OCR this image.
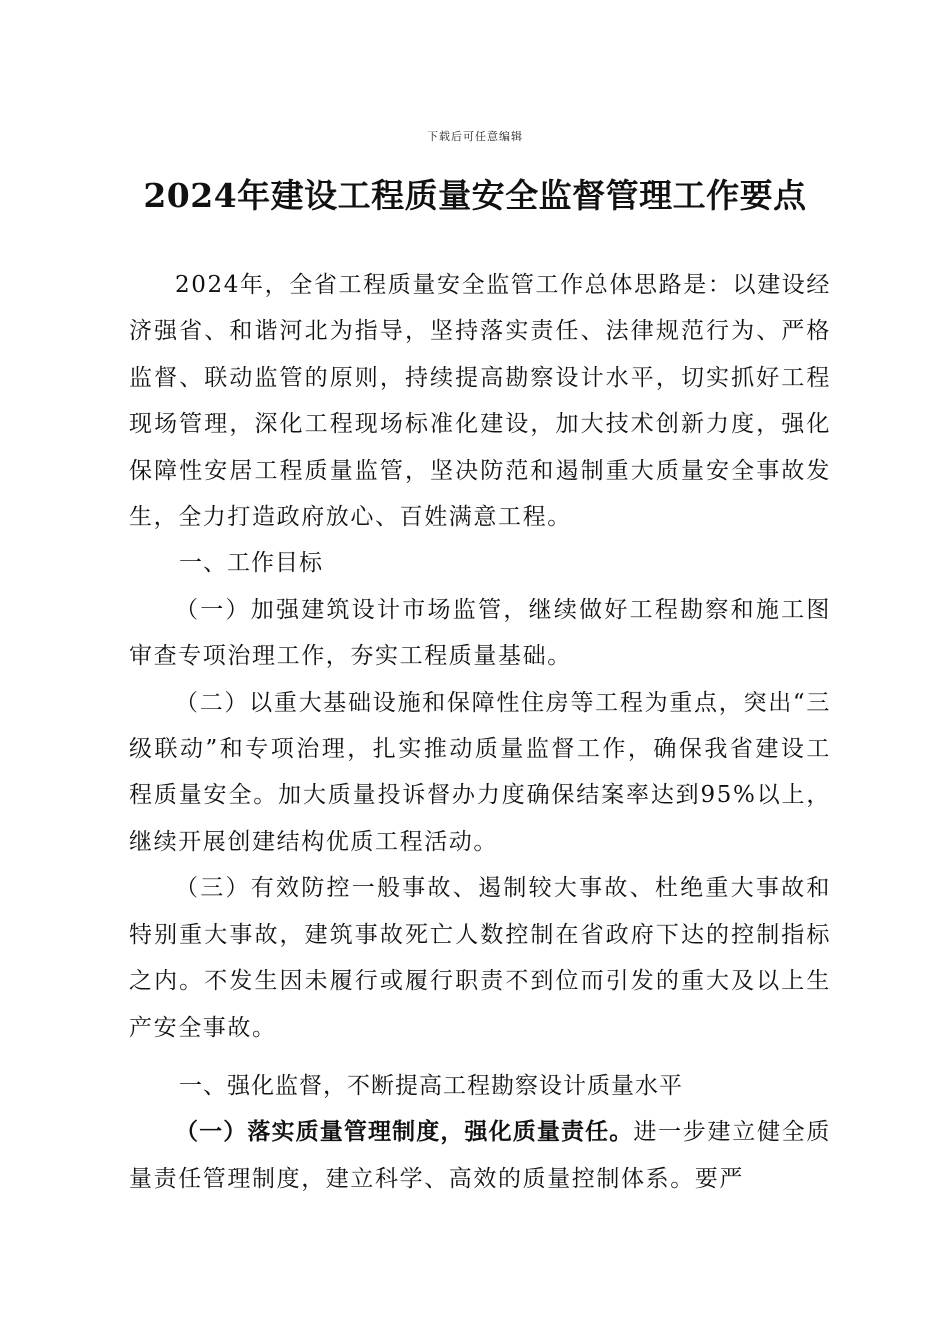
下载后可任意编辑
2024年建设工程质量安全监督管理工作要点

2024年，全省工程质量安全监管工作总体思路是：以建设经济强省、和谐河北为指导，坚持落实责任、法律规范行为、严格监督、联动监管的原则，持续提高勘察设计水平，切实抓好工程现场管理，深化工程现场标准化建设，加大技术创新力度，强化保障性安居工程质量监管，坚决防范和遏制重大质量安全事故发生，全力打造政府放心、百姓满意工程。

一、工作目标

（一）加强建筑设计市场监管，继续做好工程勘察和施工图审查专项治理工作，夯实工程质量基础。

（二）以重大基础设施和保障性住房等工程为重点，突出“三级联动”和专项治理，扎实推动质量监督工作，确保我省建设工程质量安全。加大质量投诉督办力度确保结案率达到95%以上，继续开展创建结构优质工程活动。

（三）有效防控一般事故、遏制较大事故、杜绝重大事故和特别重大事故，建筑事故死亡人数控制在省政府下达的控制指标之内。不发生因未履行或履行职责不到位而引发的重大及以上生产安全事故。

一、强化监督，不断提高工程勘察设计质量水平

（一）落实质量管理制度，强化质量责任。进一步建立健全质量责任管理制度，建立科学、高效的质量控制体系。要严
